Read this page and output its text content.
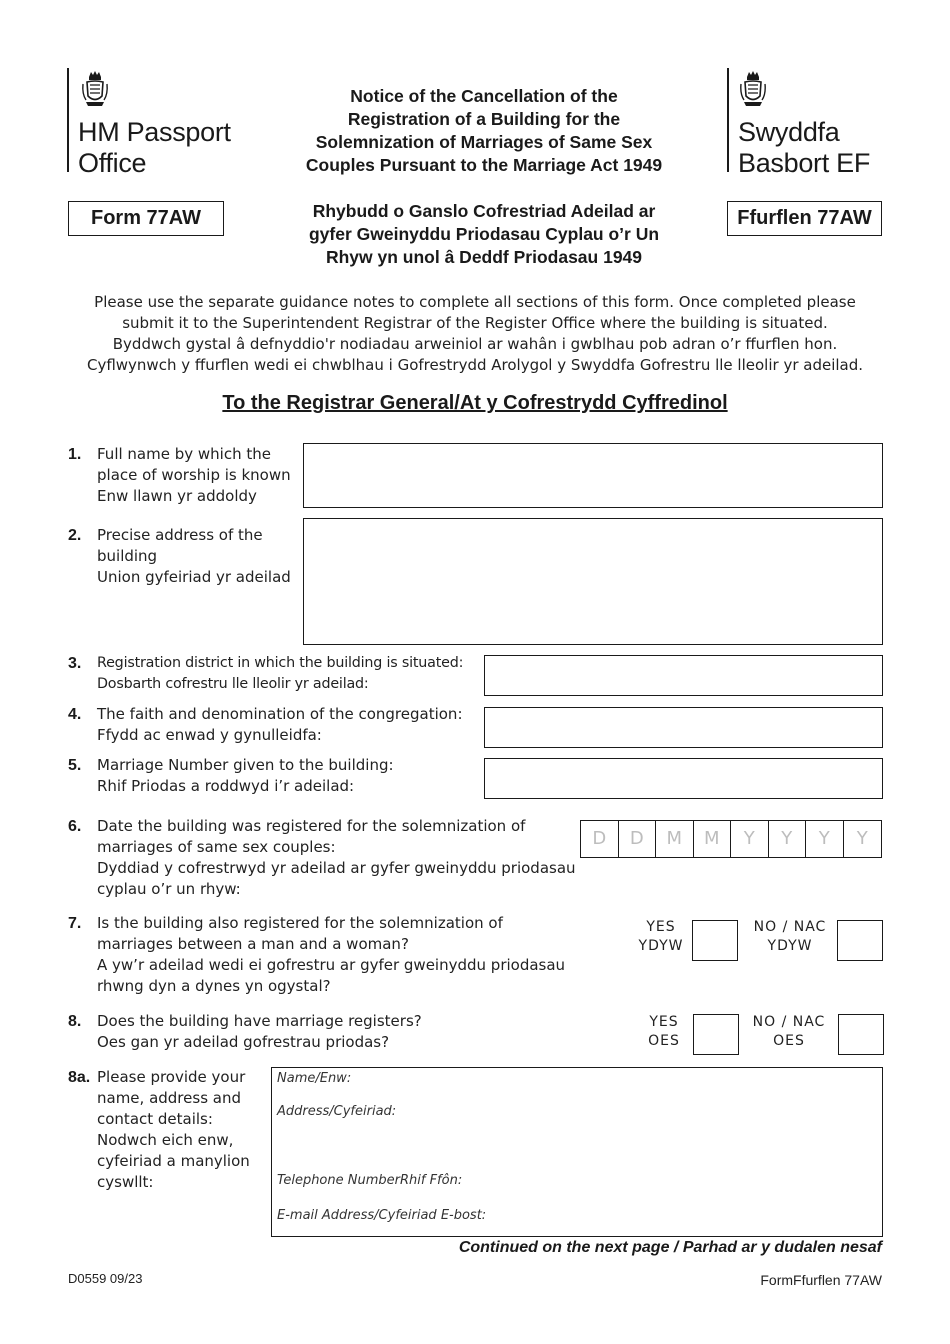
HM Passport
Office
Swyddfa
Basbort EF
Form 77AW	Ffurflen 77AW
Notice of the Cancellation of the
Registration of a Building for the
Solemnization of Marriages of Same Sex
Couples Pursuant to the Marriage Act 1949
Rhybudd o Ganslo Cofrestriad Adeilad ar
gyfer Gweinyddu Priodasau Cyplau o’r Un
Rhyw yn unol â Deddf Priodasau 1949
Please use the separate guidance notes to complete all sections of this form. Once completed please
submit it to the Superintendent Registrar of the Register Office where the building is situated.
Byddwch gystal â defnyddio'r nodiadau arweiniol ar wahân i gwblhau pob adran o’r ffurflen hon.
Cyflwynwch y ffurflen wedi ei chwblhau i Gofrestrydd Arolygol y Swyddfa Gofrestru lle lleolir yr adeilad.
To the Registrar General/At y Cofrestrydd Cyffredinol
1. Full name by which the
place of worship is known
Enw llawn yr addoldy
2. Precise address of the
building
Union gyfeiriad yr adeilad
3. Registration district in which the building is situated:
Dosbarth cofrestru lle lleolir yr adeilad:
4. The faith and denomination of the congregation:
Ffydd ac enwad y gynulleidfa:
5. Marriage Number given to the building:
Rhif Priodas a roddwyd i’r adeilad:
6. Date the building was registered for the solemnization of
marriages of same sex couples:
Dyddiad y cofrestrwyd yr adeilad ar gyfer gweinyddu priodasau
cyplau o’r un rhyw:
D	D	M	M	Y	Y	Y	Y
7. Is the building also registered for the solemnization of
marriages between a man and a woman?
A yw’r adeilad wedi ei gofrestru ar gyfer gweinyddu priodasau
rhwng dyn a dynes yn ogystal?
YES
YDYW
NO / NAC
YDYW
8. Does the building have marriage registers?
Oes gan yr adeilad gofrestrau priodas?
YES
OES
NO / NAC
OES
8a. Please provide your
name, address and
contact details:
Nodwch eich enw,
cyfeiriad a manylion
cyswllt:
Name/Enw:
Address/Cyfeiriad:
Telephone NumberRhif Ffôn:
E-mail Address/Cyfeiriad E-bost:
Continued on the next page / Parhad ar y dudalen nesaf
D0559 09/23	FormFfurflen 77AW
